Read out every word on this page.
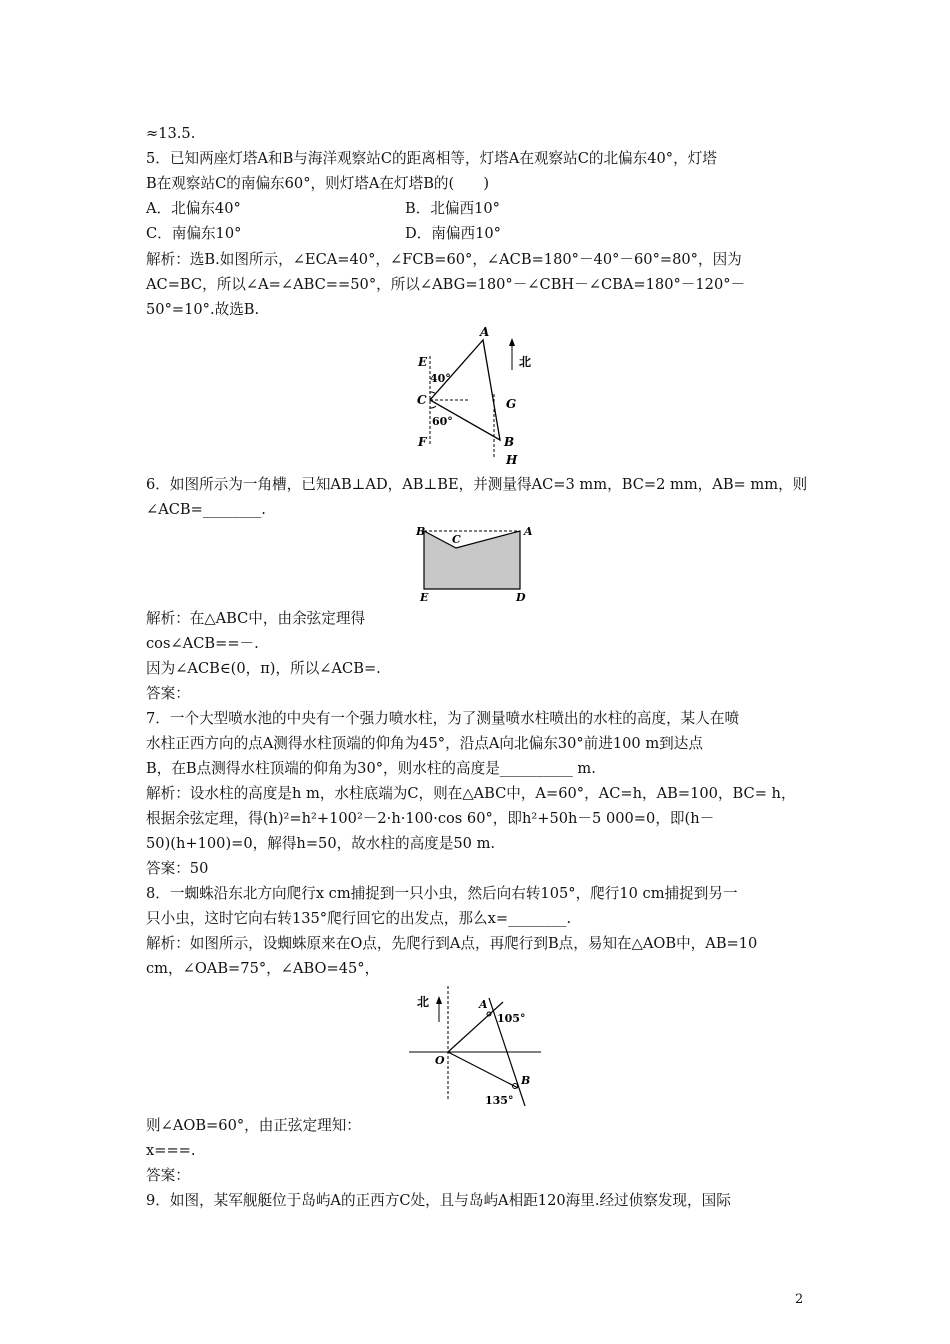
≈13.5.
5．已知两座灯塔A和B与海洋观察站C的距离相等，灯塔A在观察站C的北偏东40°，灯塔
B在观察站C的南偏东60°，则灯塔A在灯塔B的(　　)
A．北偏东40°	B．北偏西10°
C．南偏东10°	D．南偏西10°
解析：选B.如图所示，∠ECA=40°，∠FCB=60°，∠ACB=180°－40°－60°=80°，因为
AC=BC，所以∠A=∠ABC==50°，所以∠ABG=180°－∠CBH－∠CBA=180°－120°－
50°=10°.故选B.
A
B
C
E
F
G
H
北
40°
60°
6．如图所示为一角槽，已知AB⊥AD，AB⊥BE，并测量得AC=3 mm，BC=2 mm，AB= mm，则
∠ACB=________.
B
C
A
E	D
解析：在△ABC中，由余弦定理得
cos∠ACB==－.
因为∠ACB∈(0，π)，所以∠ACB=.
答案：
7．一个大型喷水池的中央有一个强力喷水柱，为了测量喷水柱喷出的水柱的高度，某人在喷
水柱正西方向的点A测得水柱顶端的仰角为45°，沿点A向北偏东30°前进100 m到达点
B，在B点测得水柱顶端的仰角为30°，则水柱的高度是__________ m.
解析：设水柱的高度是h m，水柱底端为C，则在△ABC中，A=60°，AC=h，AB=100，BC= h，
根据余弦定理，得(h)²=h²+100²－2·h·100·cos 60°，即h²+50h－5 000=0，即(h－
50)(h+100)=0，解得h=50，故水柱的高度是50 m.
答案：50
8．一蜘蛛沿东北方向爬行x cm捕捉到一只小虫，然后向右转105°，爬行10 cm捕捉到另一
只小虫，这时它向右转135°爬行回它的出发点，那么x=________.
解析：如图所示，设蜘蛛原来在O点，先爬行到A点，再爬行到B点，易知在△AOB中，AB=10
cm，∠OAB=75°，∠ABO=45°，
北	A
105°
O
B
135°
则∠AOB=60°，由正弦定理知：
x===.
答案：
9．如图，某军舰艇位于岛屿A的正西方C处，且与岛屿A相距120海里.经过侦察发现，国际
2
